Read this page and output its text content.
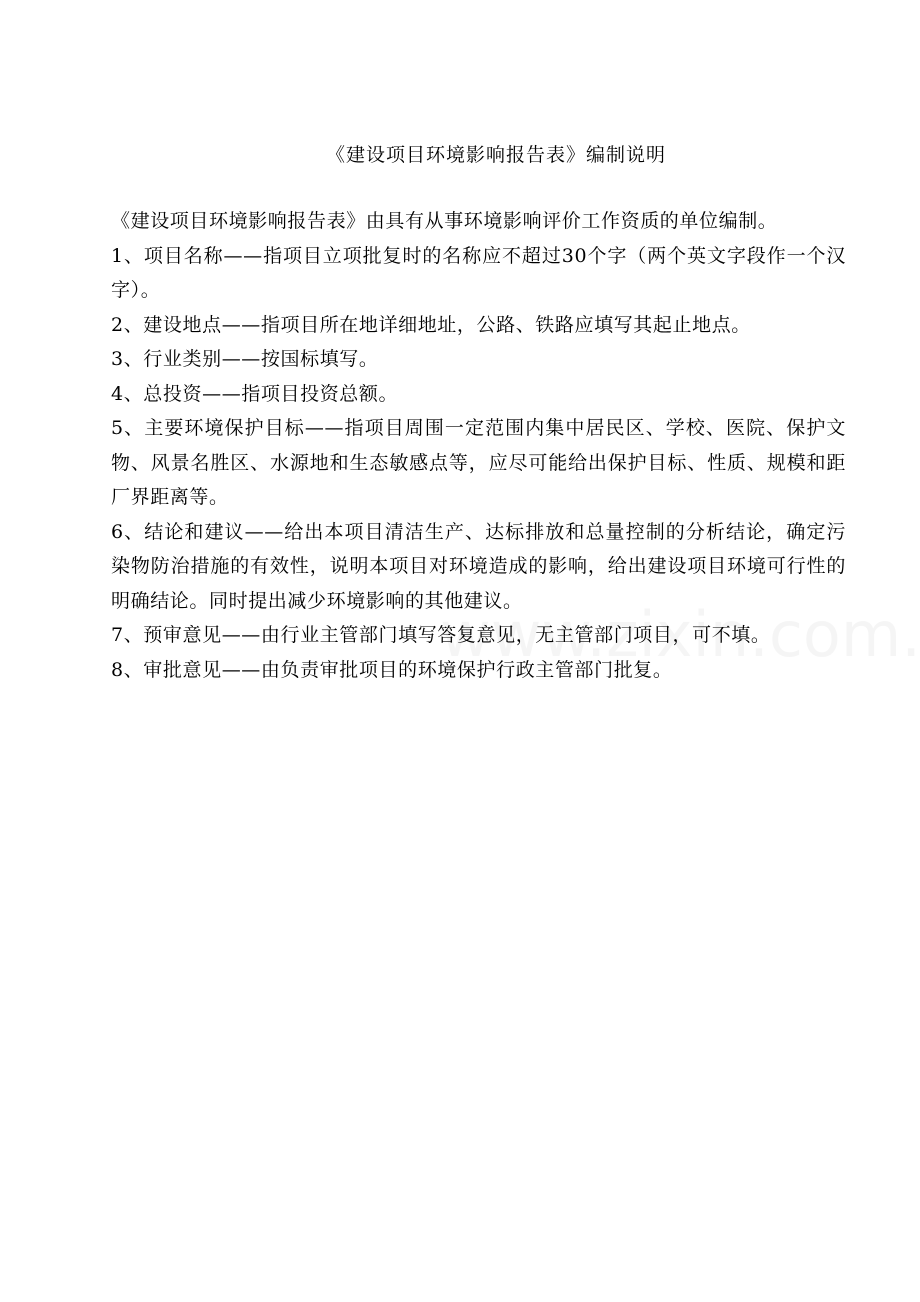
《建设项目环境影响报告表》编制说明

《建设项目环境影响报告表》由具有从事环境影响评价工作资质的单位编制。

1、项目名称——指项目立项批复时的名称应不超过30个字（两个英文字段作一个汉字）。

2、建设地点——指项目所在地详细地址，公路、铁路应填写其起止地点。

3、行业类别——按国标填写。

4、总投资——指项目投资总额。

5、主要环境保护目标——指项目周围一定范围内集中居民区、学校、医院、保护文物、风景名胜区、水源地和生态敏感点等，应尽可能给出保护目标、性质、规模和距厂界距离等。

6、结论和建议——给出本项目清洁生产、达标排放和总量控制的分析结论，确定污染物防治措施的有效性，说明本项目对环境造成的影响，给出建设项目环境可行性的明确结论。同时提出减少环境影响的其他建议。

7、预审意见——由行业主管部门填写答复意见，无主管部门项目，可不填。

8、审批意见——由负责审批项目的环境保护行政主管部门批复。
